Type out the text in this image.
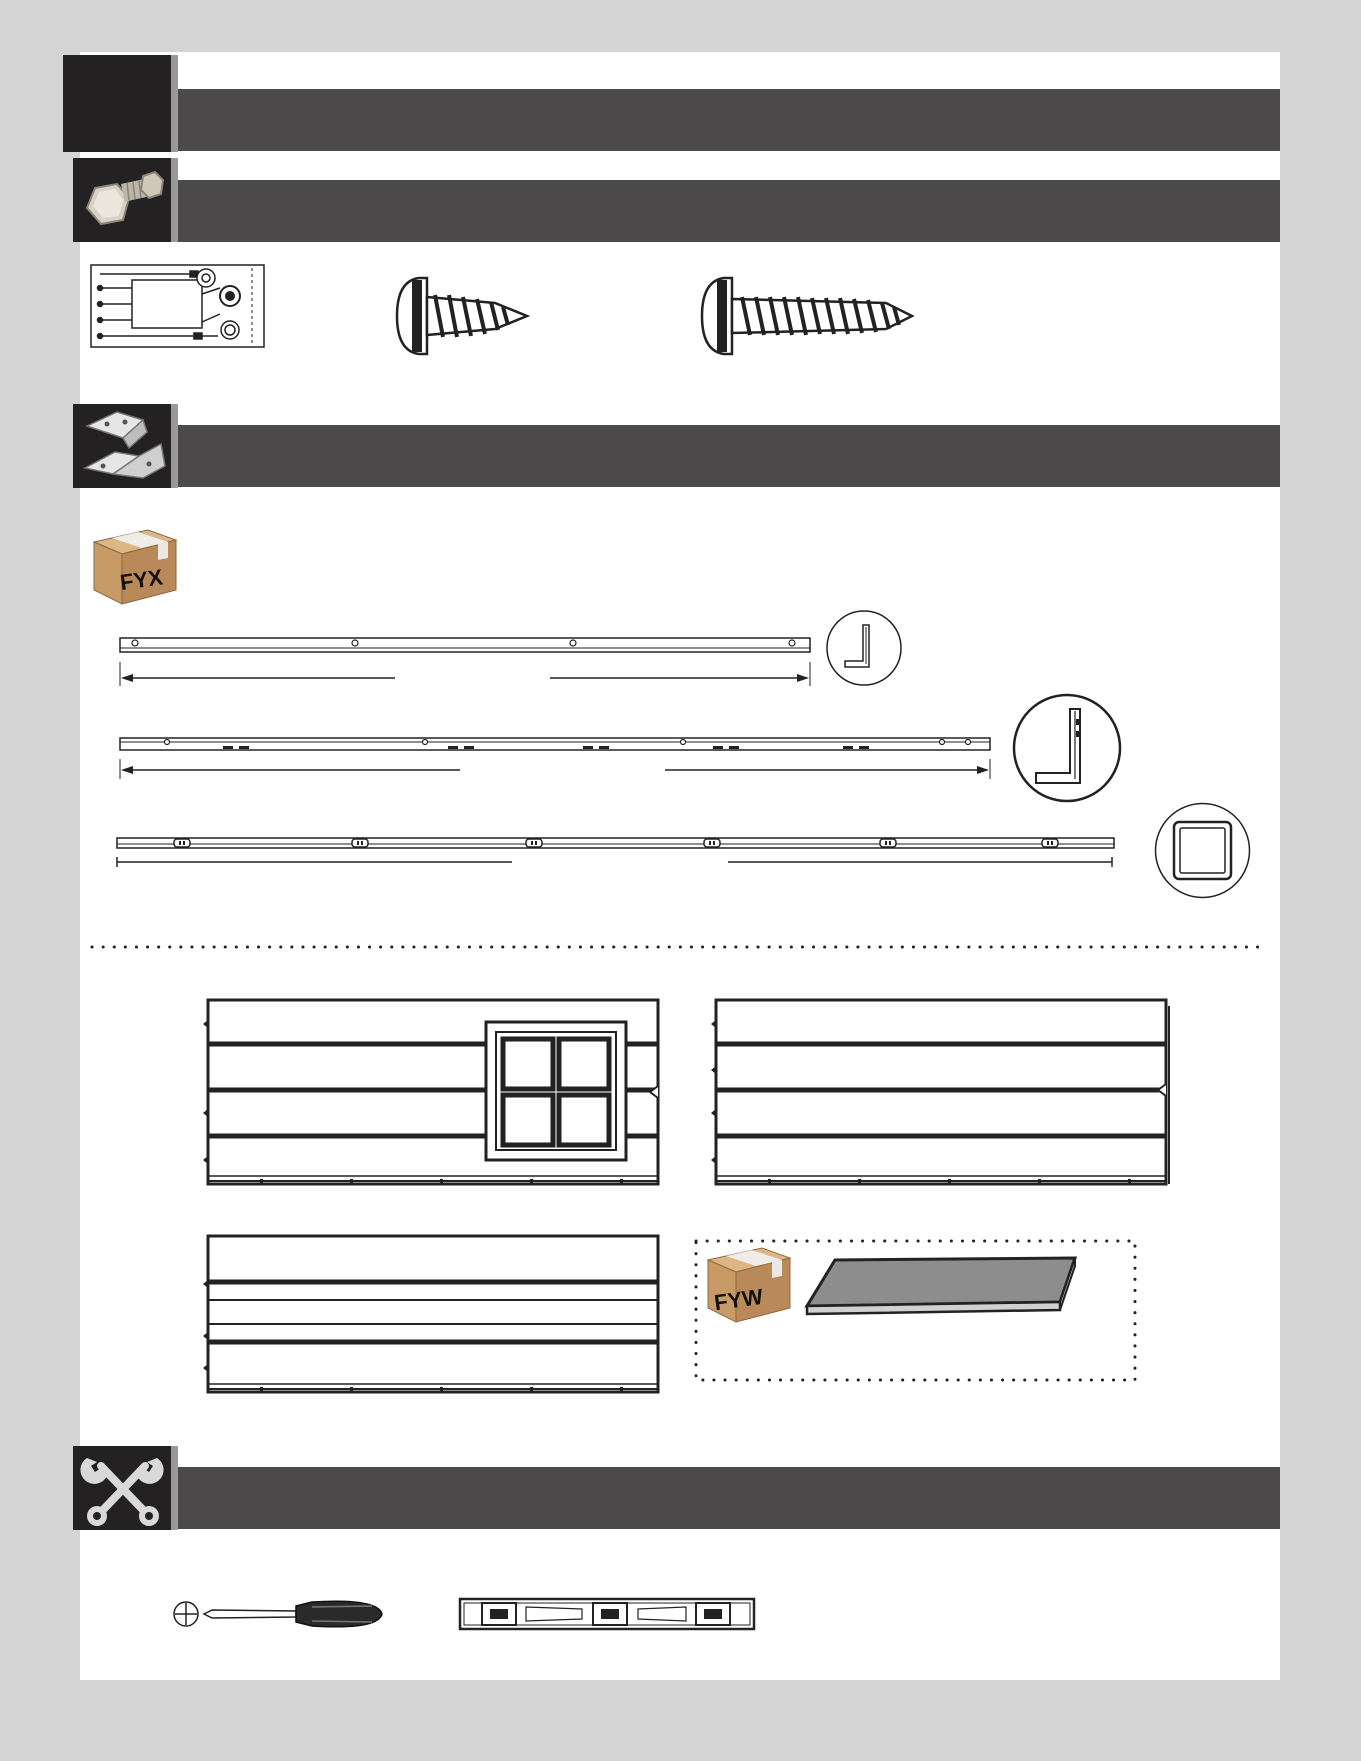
FYX
FYW
